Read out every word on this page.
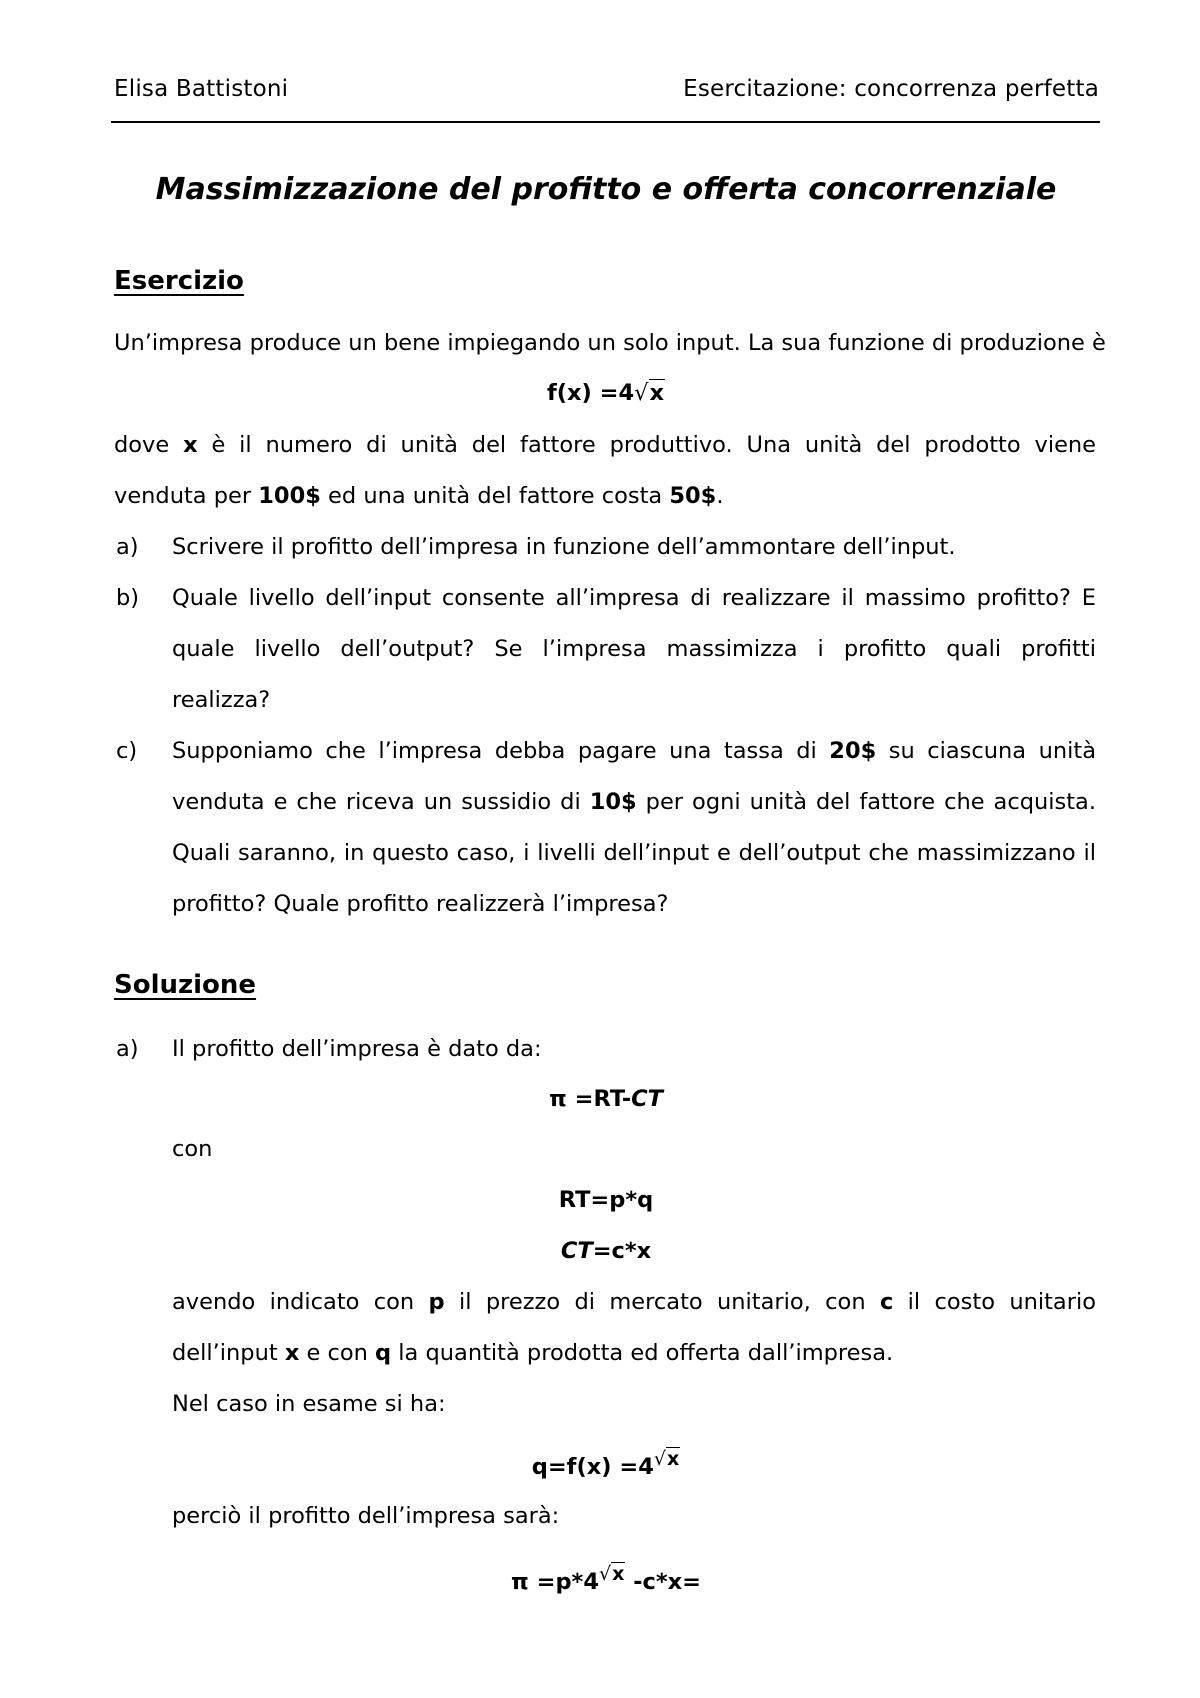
Elisa Battistoni	Esercitazione: concorrenza perfetta
Massimizzazione del profitto e offerta concorrenziale
Esercizio
Un’impresa produce un bene impiegando un solo input. La sua funzione di produzione è
f(x) =4√x
dove x è il numero di unità del fattore produttivo. Una unità del prodotto viene
venduta per 100$ ed una unità del fattore costa 50$.
a) Scrivere il profitto dell’impresa in funzione dell’ammontare dell’input.
b) Quale livello dell’input consente all’impresa di realizzare il massimo profitto? E
quale livello dell’output? Se l’impresa massimizza i profitto quali profitti
realizza?
c) Supponiamo che l’impresa debba pagare una tassa di 20$ su ciascuna unità
venduta e che riceva un sussidio di 10$ per ogni unità del fattore che acquista.
Quali saranno, in questo caso, i livelli dell’input e dell’output che massimizzano il
profitto? Quale profitto realizzerà l’impresa?
Soluzione
a) Il profitto dell’impresa è dato da:
π =RT-CT
con
RT=p*q
CT=c*x
avendo indicato con p il prezzo di mercato unitario, con c il costo unitario
dell’input x e con q la quantità prodotta ed offerta dall’impresa.
Nel caso in esame si ha:
$q=f(x) =4^{√x}$
perciò il profitto dell’impresa sarà:
$\pi =p*4^{√x}$ -c*x=
